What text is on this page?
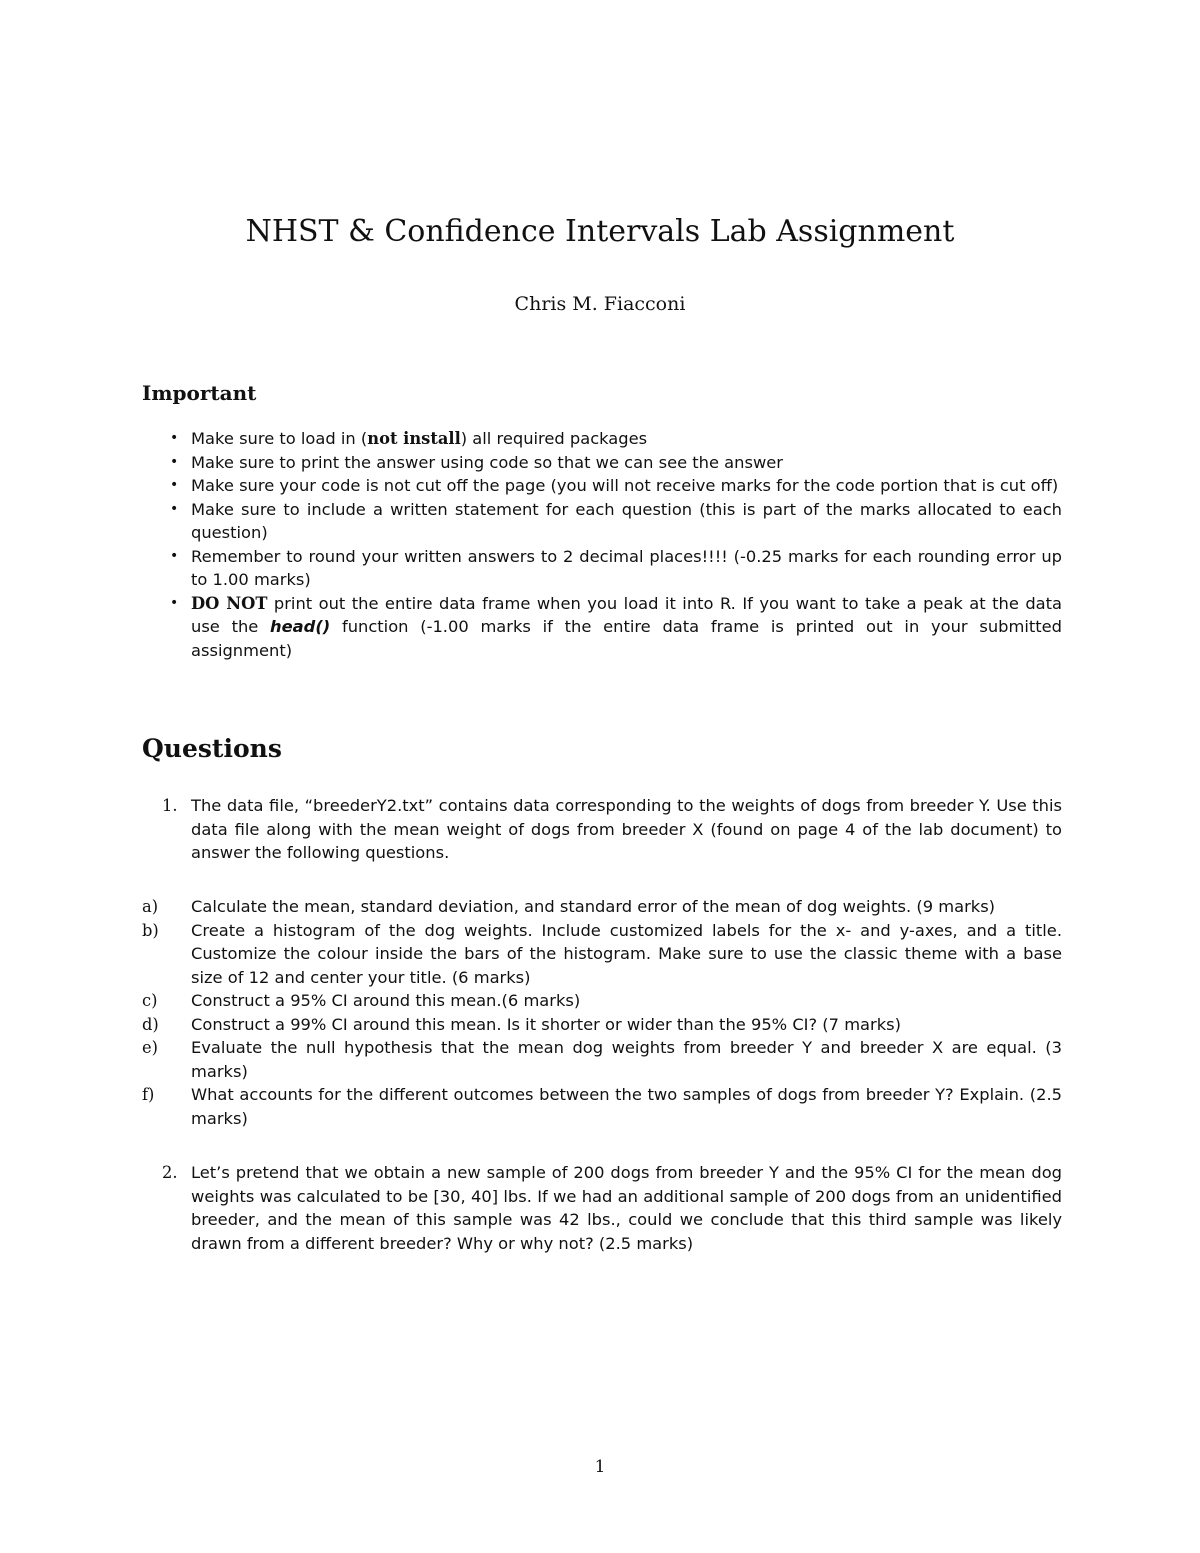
NHST & Confidence Intervals Lab Assignment
Chris M. Fiacconi
Important
• Make sure to load in (not install) all required packages
• Make sure to print the answer using code so that we can see the answer
• Make sure your code is not cut off the page (you will not receive marks for the code portion that is cut off)
• Make sure to include a written statement for each question (this is part of the marks allocated to each question)
• Remember to round your written answers to 2 decimal places!!!! (-0.25 marks for each rounding error up to 1.00 marks)
• DO NOT print out the entire data frame when you load it into R. If you want to take a peak at the data use the head() function (-1.00 marks if the entire data frame is printed out in your submitted assignment)
Questions
1. The data file, “breederY2.txt” contains data corresponding to the weights of dogs from breeder Y. Use this data file along with the mean weight of dogs from breeder X (found on page 4 of the lab document) to answer the following questions.
a) Calculate the mean, standard deviation, and standard error of the mean of dog weights. (9 marks)
b) Create a histogram of the dog weights. Include customized labels for the x- and y-axes, and a title. Customize the colour inside the bars of the histogram. Make sure to use the classic theme with a base size of 12 and center your title. (6 marks)
c) Construct a 95% CI around this mean.(6 marks)
d) Construct a 99% CI around this mean. Is it shorter or wider than the 95% CI? (7 marks)
e) Evaluate the null hypothesis that the mean dog weights from breeder Y and breeder X are equal. (3 marks)
f) What accounts for the different outcomes between the two samples of dogs from breeder Y? Explain. (2.5 marks)
2. Let’s pretend that we obtain a new sample of 200 dogs from breeder Y and the 95% CI for the mean dog weights was calculated to be [30, 40] lbs. If we had an additional sample of 200 dogs from an unidentified breeder, and the mean of this sample was 42 lbs., could we conclude that this third sample was likely drawn from a different breeder? Why or why not? (2.5 marks)
1
